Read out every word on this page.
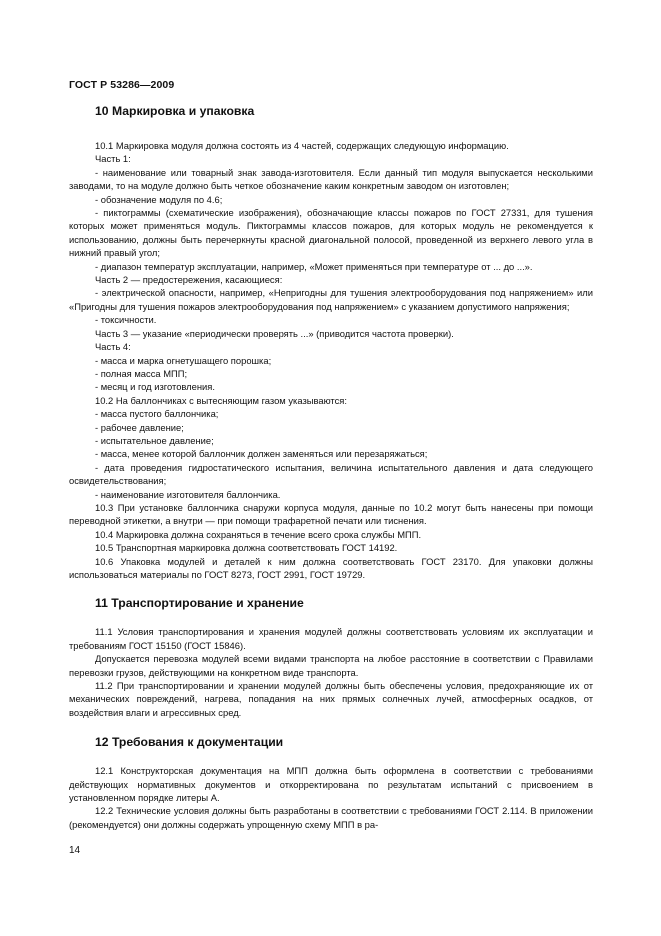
ГОСТ Р 53286—2009
10 Маркировка и упаковка

10.1 Маркировка модуля должна состоять из 4 частей, содержащих следующую информацию.

Часть 1:

- наименование или товарный знак завода-изготовителя. Если данный тип модуля выпускается несколькими заводами, то на модуле должно быть четкое обозначение каким конкретным заводом он изготовлен;

- обозначение модуля по 4.6;

- пиктограммы (схематические изображения), обозначающие классы пожаров по ГОСТ 27331, для тушения которых может применяться модуль. Пиктограммы классов пожаров, для которых модуль не рекомендуется к использованию, должны быть перечеркнуты красной диагональной полосой, проведенной из верхнего левого угла в нижний правый угол;

- диапазон температур эксплуатации, например, «Может применяться при температуре от ... до ...».

Часть 2 — предостережения, касающиеся:

- электрической опасности, например, «Непригодны для тушения электрооборудования под напряжением» или «Пригодны для тушения пожаров электрооборудования под напряжением» с указанием допустимого напряжения;

- токсичности.

Часть 3 — указание «периодически проверять ...» (приводится частота проверки).

Часть 4:

- масса и марка огнетушащего порошка;

- полная масса МПП;

- месяц и год изготовления.

10.2 На баллончиках с вытесняющим газом указываются:

- масса пустого баллончика;

- рабочее давление;

- испытательное давление;

- масса, менее которой баллончик должен заменяться или перезаряжаться;

- дата проведения гидростатического испытания, величина испытательного давления и дата следующего освидетельствования;

- наименование изготовителя баллончика.

10.3 При установке баллончика снаружи корпуса модуля, данные по 10.2 могут быть нанесены при помощи переводной этикетки, а внутри — при помощи трафаретной печати или тиснения.

10.4 Маркировка должна сохраняться в течение всего срока службы МПП.

10.5 Транспортная маркировка должна соответствовать ГОСТ 14192.

10.6 Упаковка модулей и деталей к ним должна соответствовать ГОСТ 23170. Для упаковки должны использоваться материалы по ГОСТ 8273, ГОСТ 2991, ГОСТ 19729.

11 Транспортирование и хранение

11.1 Условия транспортирования и хранения модулей должны соответствовать условиям их эксплуатации и требованиям ГОСТ 15150 (ГОСТ 15846).

Допускается перевозка модулей всеми видами транспорта на любое расстояние в соответствии с Правилами перевозки грузов, действующими на конкретном виде транспорта.

11.2 При транспортировании и хранении модулей должны быть обеспечены условия, предохраняющие их от механических повреждений, нагрева, попадания на них прямых солнечных лучей, атмосферных осадков, от воздействия влаги и агрессивных сред.

12 Требования к документации

12.1 Конструкторская документация на МПП должна быть оформлена в соответствии с требованиями действующих нормативных документов и откорректирована по результатам испытаний с присвоением в установленном порядке литеры А.

12.2 Технические условия должны быть разработаны в соответствии с требованиями ГОСТ 2.114. В приложении (рекомендуется) они должны содержать упрощенную схему МПП в ра-

14
